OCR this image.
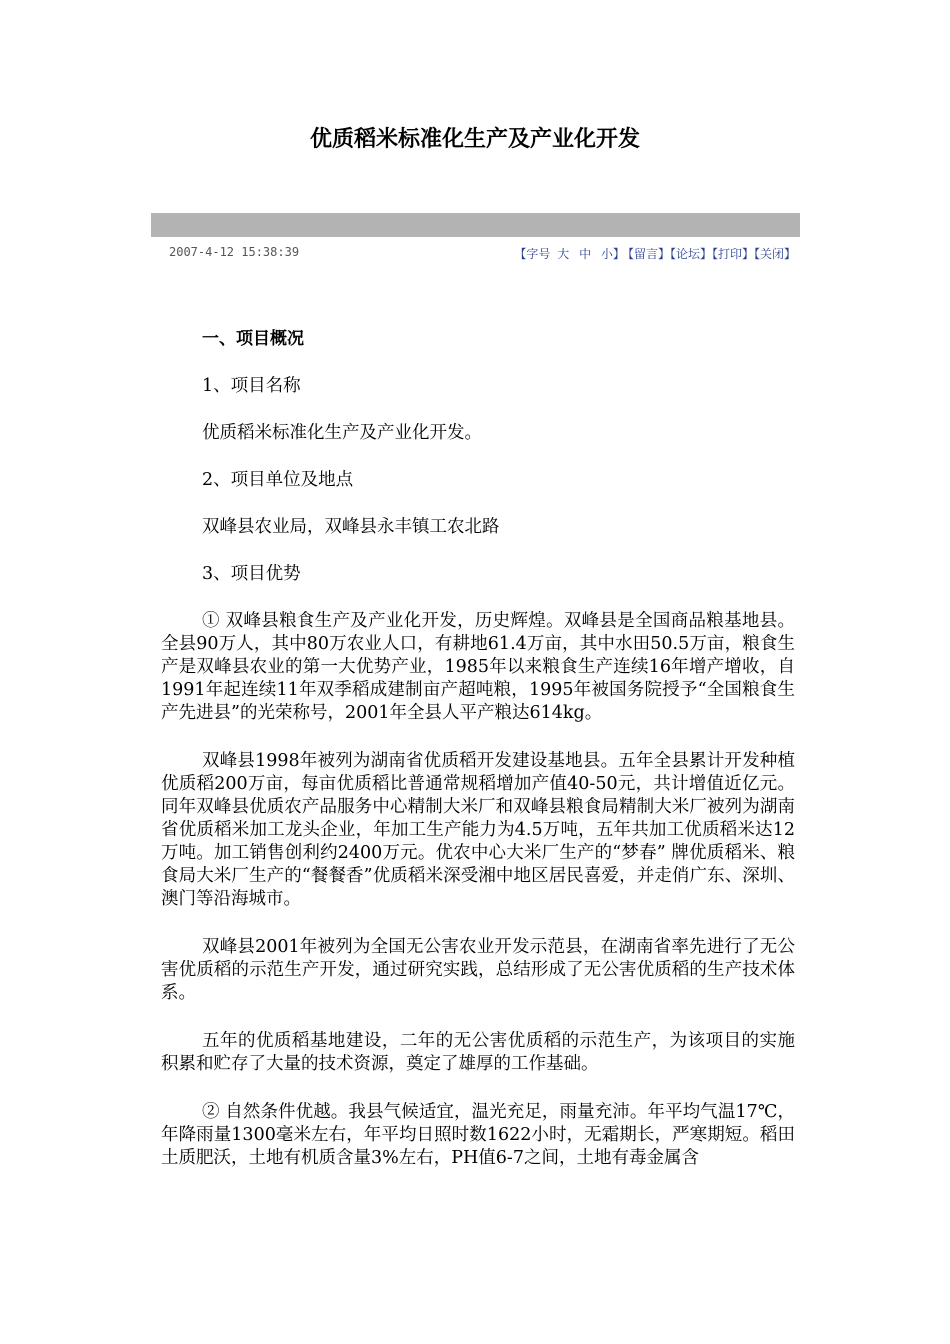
优质稻米标准化生产及产业化开发
2007-4-12 15:38:39	【字号 大 中 小】 【留言】【论坛】【打印】【关闭】

一、项目概况

1、项目名称

优质稻米标准化生产及产业化开发。

2、项目单位及地点

双峰县农业局，双峰县永丰镇工农北路

3、项目优势

① 双峰县粮食生产及产业化开发，历史辉煌。双峰县是全国商品粮基地县。全县90万人，其中80万农业人口，有耕地61.4万亩，其中水田50.5万亩，粮食生产是双峰县农业的第一大优势产业，1985年以来粮食生产连续16年增产增收，自1991年起连续11年双季稻成建制亩产超吨粮，1995年被国务院授予“全国粮食生产先进县”的光荣称号，2001年全县人平产粮达614kg。

双峰县1998年被列为湖南省优质稻开发建设基地县。五年全县累计开发种植优质稻200万亩，每亩优质稻比普通常规稻增加产值40-50元，共计增值近亿元。同年双峰县优质农产品服务中心精制大米厂和双峰县粮食局精制大米厂被列为湖南省优质稻米加工龙头企业，年加工生产能力为4.5万吨，五年共加工优质稻米达12万吨。加工销售创利约2400万元。优农中心大米厂生产的“梦春” 牌优质稻米、粮食局大米厂生产的“餐餐香”优质稻米深受湘中地区居民喜爱，并走俏广东、深圳、澳门等沿海城市。

双峰县2001年被列为全国无公害农业开发示范县，在湖南省率先进行了无公害优质稻的示范生产开发，通过研究实践，总结形成了无公害优质稻的生产技术体系。

五年的优质稻基地建设，二年的无公害优质稻的示范生产，为该项目的实施积累和贮存了大量的技术资源，奠定了雄厚的工作基础。

② 自然条件优越。我县气候适宜，温光充足，雨量充沛。年平均气温17℃，年降雨量1300毫米左右，年平均日照时数1622小时，无霜期长，严寒期短。稻田土质肥沃，土地有机质含量3%左右，PH值6-7之间，土地有毒金属含
